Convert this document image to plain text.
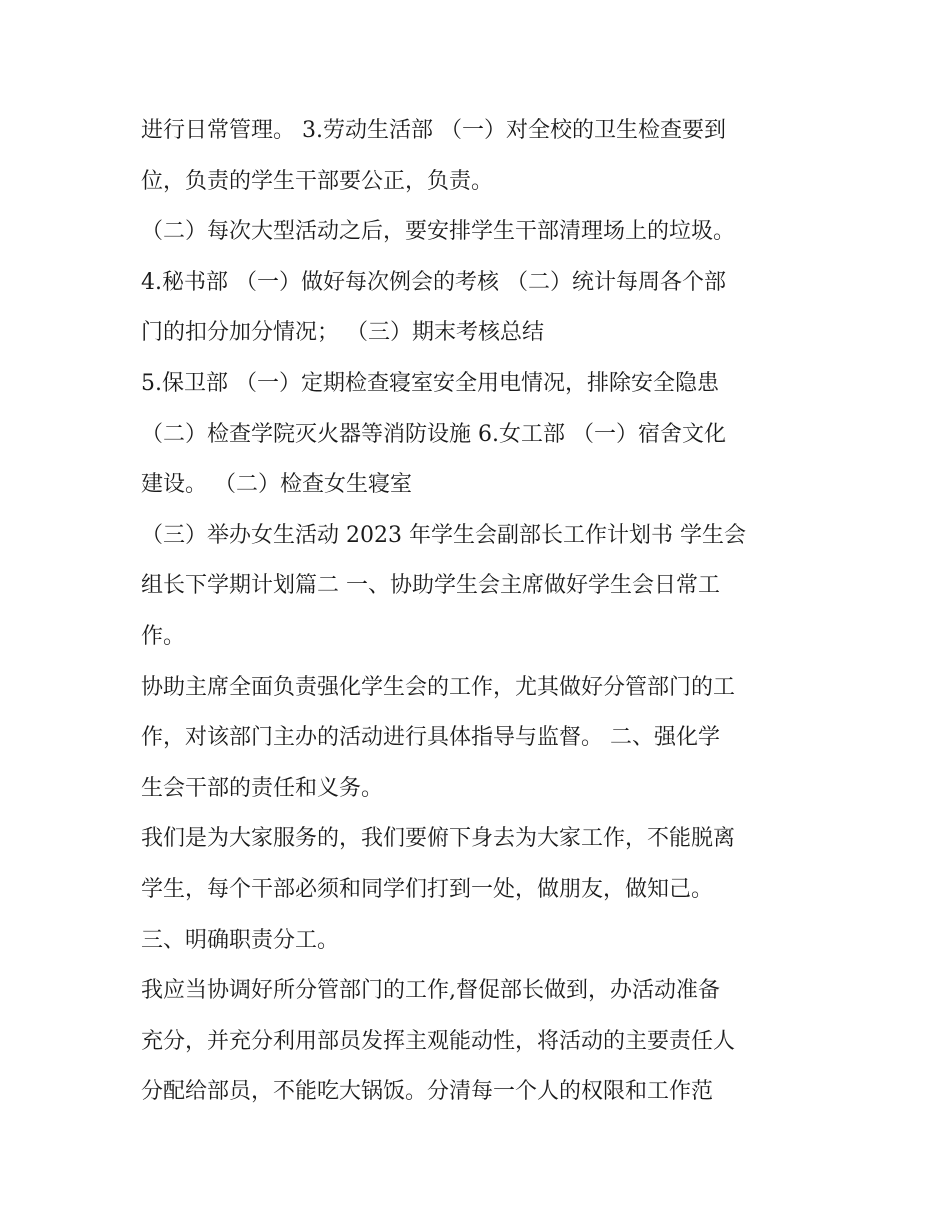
进行日常管理。 3.劳动生活部 （一）对全校的卫生检查要到
位，负责的学生干部要公正，负责。
（二）每次大型活动之后，要安排学生干部清理场上的垃圾。
4.秘书部 （一）做好每次例会的考核 （二）统计每周各个部
门的扣分加分情况； （三）期末考核总结
5.保卫部 （一）定期检查寝室安全用电情况，排除安全隐患
（二）检查学院灭火器等消防设施 6.女工部 （一）宿舍文化
建设。 （二）检查女生寝室
（三）举办女生活动 2023 年学生会副部长工作计划书 学生会
组长下学期计划篇二 一、协助学生会主席做好学生会日常工
作。
协助主席全面负责强化学生会的工作，尤其做好分管部门的工
作，对该部门主办的活动进行具体指导与监督。 二、强化学
生会干部的责任和义务。
我们是为大家服务的，我们要俯下身去为大家工作，不能脱离
学生，每个干部必须和同学们打到一处，做朋友，做知己。
三、明确职责分工。
我应当协调好所分管部门的工作,督促部长做到，办活动准备
充分，并充分利用部员发挥主观能动性，将活动的主要责任人
分配给部员，不能吃大锅饭。分清每一个人的权限和工作范
